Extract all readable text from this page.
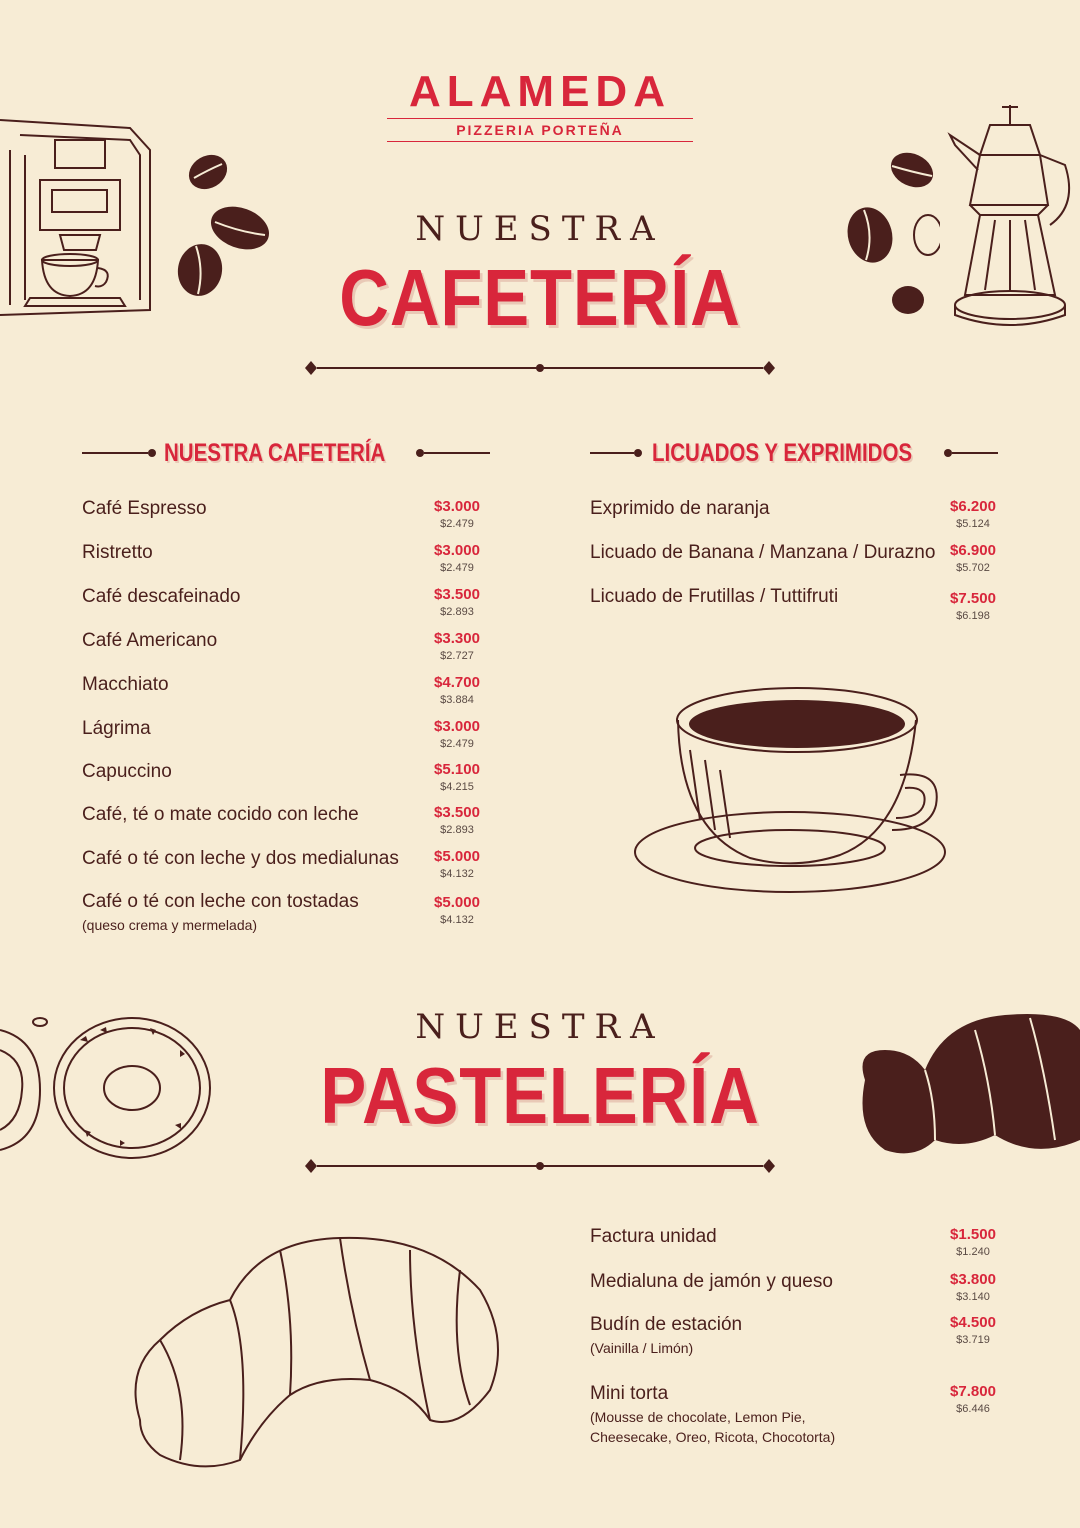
ALAMEDA
PIZZERIA PORTEÑA
NUESTRA
CAFETERÍA
NUESTRA CAFETERÍA	LICUADOS Y EXPRIMIDOS
Café Espresso	$3.000
$2.479
Ristretto	$3.000
$2.479
Café descafeinado	$3.500
$2.893
Café Americano	$3.300
$2.727
Macchiato	$4.700
$3.884
Lágrima	$3.000
$2.479
Capuccino	$5.100
$4.215
Café, té o mate cocido con leche	$3.500
$2.893
Café o té con leche y dos medialunas	$5.000
$4.132
Café o té con leche con tostadas
(queso crema y mermelada)
$5.000
$4.132
Exprimido de naranja	$6.200
$5.124
Licuado de Banana / Manzana / Durazno $6.900
$5.702
Licuado de Frutillas / Tuttifruti	$7.500
$6.198
NUESTRA
PASTELERÍA
Factura unidad	$1.500
$1.240
Medialuna de jamón y queso	$3.800
$3.140
Budín de estación
(Vainilla / Limón)
$4.500
$3.719
Mini torta
(Mousse de chocolate, Lemon Pie,
Cheesecake, Oreo, Ricota, Chocotorta)
$7.800
$6.446
